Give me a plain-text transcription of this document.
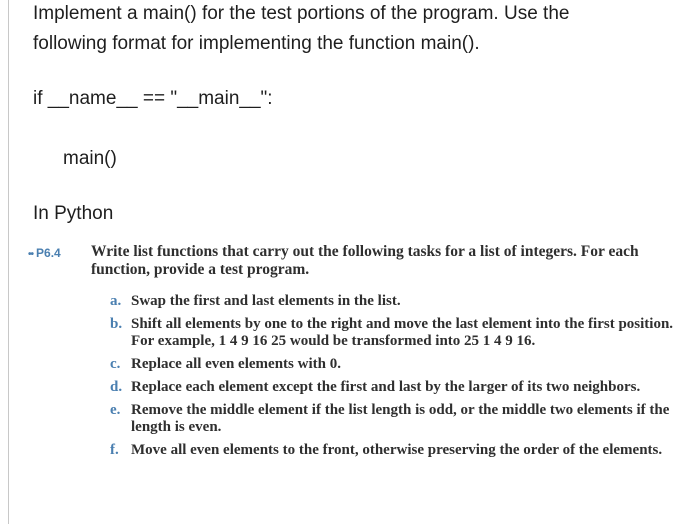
Implement a main() for the test portions of the program. Use the
following format for implementing the function main().
if __name__ == "__main__":
main()
In Python
•• P6.4 Write list functions that carry out the following tasks for a list of integers. For each function, provide a test program.
a. Swap the first and last elements in the list.
b. Shift all elements by one to the right and move the last element into the first position. For example, 1 4 9 16 25 would be transformed into 25 1 4 9 16.
c. Replace all even elements with 0.
d. Replace each element except the first and last by the larger of its two neighbors.
e. Remove the middle element if the list length is odd, or the middle two elements if the length is even.
f. Move all even elements to the front, otherwise preserving the order of the elements.
